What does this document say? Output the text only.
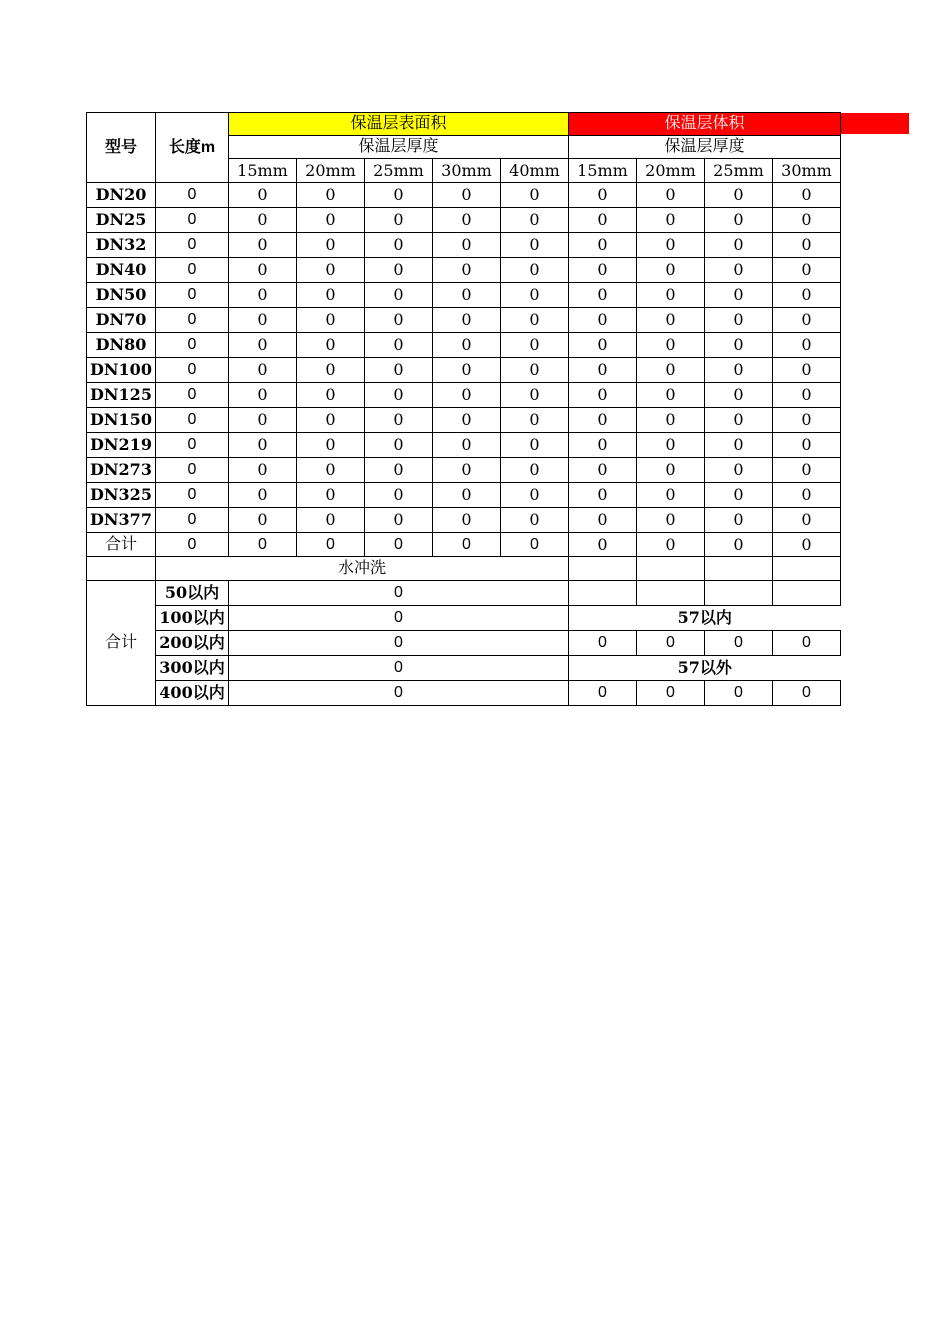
型号	长度m	保温层表面积					保温层体积			
		保温层厚度					保温层厚度			
		15mm	20mm	25mm	30mm	40mm	15mm	20mm	25mm	30mm
DN20	0	0	0	0	0	0	0	0	0	0
DN25	0	0	0	0	0	0	0	0	0	0
DN32	0	0	0	0	0	0	0	0	0	0
DN40	0	0	0	0	0	0	0	0	0	0
DN50	0	0	0	0	0	0	0	0	0	0
DN70	0	0	0	0	0	0	0	0	0	0
DN80	0	0	0	0	0	0	0	0	0	0
DN100	0	0	0	0	0	0	0	0	0	0
DN125	0	0	0	0	0	0	0	0	0	0
DN150	0	0	0	0	0	0	0	0	0	0
DN219	0	0	0	0	0	0	0	0	0	0
DN273	0	0	0	0	0	0	0	0	0	0
DN325	0	0	0	0	0	0	0	0	0	0
DN377	0	0	0	0	0	0	0	0	0	0
合计	0	0	0	0	0	0	0	0	0	0
	水冲洗									
合计	50以内	0								
	100以内	0					57以内			
	200以内	0					0	0	0	0
	300以内	0					57以外			
	400以内	0					0	0	0	0
